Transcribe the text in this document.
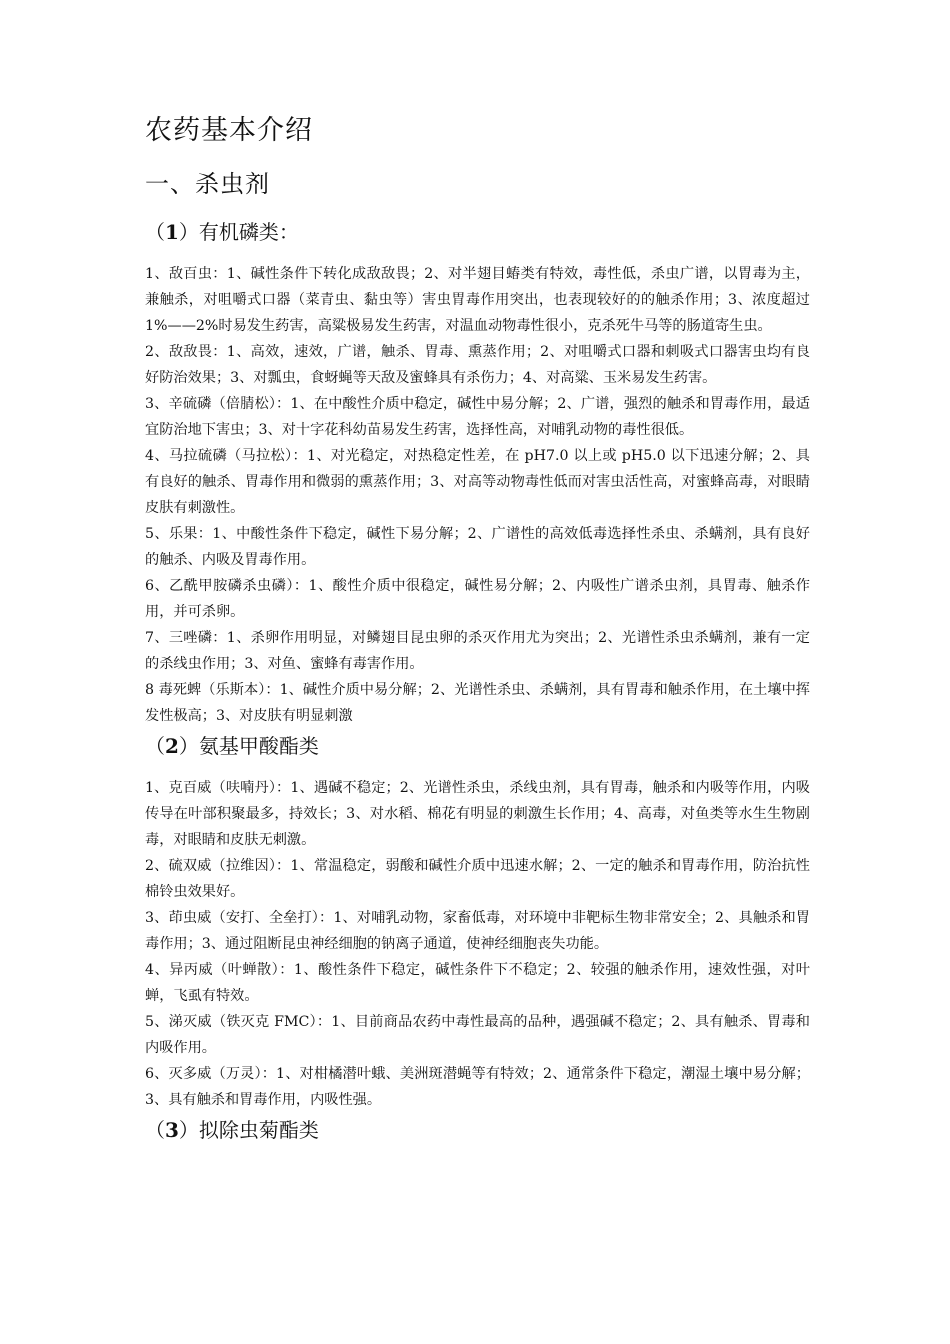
农药基本介绍
一、杀虫剂
（1）有机磷类：

1、敌百虫：1、碱性条件下转化成敌敌畏；2、对半翅目蝽类有特效，毒性低，杀虫广谱，以胃毒为主，兼触杀，对咀嚼式口器（菜青虫、黏虫等）害虫胃毒作用突出，也表现较好的的触杀作用；3、浓度超过 1%——2%时易发生药害，高粱极易发生药害，对温血动物毒性很小，克杀死牛马等的肠道寄生虫。

2、敌敌畏：1、高效，速效，广谱，触杀、胃毒、熏蒸作用；2、对咀嚼式口器和刺吸式口器害虫均有良好防治效果；3、对瓢虫，食蚜蝇等天敌及蜜蜂具有杀伤力；4、对高粱、玉米易发生药害。

3、辛硫磷（倍腈松）：1、在中酸性介质中稳定，碱性中易分解；2、广谱，强烈的触杀和胃毒作用，最适宜防治地下害虫；3、对十字花科幼苗易发生药害，选择性高，对哺乳动物的毒性很低。

4、马拉硫磷（马拉松）：1、对光稳定，对热稳定性差，在 pH7.0 以上或 pH5.0 以下迅速分解；2、具有良好的触杀、胃毒作用和微弱的熏蒸作用；3、对高等动物毒性低而对害虫活性高，对蜜蜂高毒，对眼睛皮肤有刺激性。

5、乐果：1、中酸性条件下稳定，碱性下易分解；2、广谱性的高效低毒选择性杀虫、杀螨剂，具有良好的触杀、内吸及胃毒作用。

6、乙酰甲胺磷杀虫磷）：1、酸性介质中很稳定，碱性易分解；2、内吸性广谱杀虫剂，具胃毒、触杀作用，并可杀卵。

7、三唑磷：1、杀卵作用明显，对鳞翅目昆虫卵的杀灭作用尤为突出；2、光谱性杀虫杀螨剂，兼有一定的杀线虫作用；3、对鱼、蜜蜂有毒害作用。

8 毒死蜱（乐斯本）：1、碱性介质中易分解；2、光谱性杀虫、杀螨剂，具有胃毒和触杀作用，在土壤中挥发性极高；3、对皮肤有明显刺激

（2）氨基甲酸酯类

1、克百威（呋喃丹）：1、遇碱不稳定；2、光谱性杀虫，杀线虫剂，具有胃毒，触杀和内吸等作用，内吸传导在叶部积聚最多，持效长；3、对水稻、棉花有明显的刺激生长作用；4、高毒，对鱼类等水生生物剧毒，对眼睛和皮肤无刺激。

2、硫双威（拉维因）：1、常温稳定，弱酸和碱性介质中迅速水解；2、一定的触杀和胃毒作用，防治抗性棉铃虫效果好。

3、茚虫威（安打、全垒打）：1、对哺乳动物，家畜低毒，对环境中非靶标生物非常安全；2、具触杀和胃毒作用；3、通过阻断昆虫神经细胞的钠离子通道，使神经细胞丧失功能。

4、异丙威（叶蝉散）：1、酸性条件下稳定，碱性条件下不稳定；2、较强的触杀作用，速效性强，对叶蝉，飞虱有特效。

5、涕灭威（铁灭克 FMC）：1、目前商品农药中毒性最高的品种，遇强碱不稳定；2、具有触杀、胃毒和内吸作用。

6、灭多威（万灵）：1、对柑橘潜叶蛾、美洲斑潜蝇等有特效；2、通常条件下稳定，潮湿土壤中易分解；3、具有触杀和胃毒作用，内吸性强。

（3）拟除虫菊酯类
